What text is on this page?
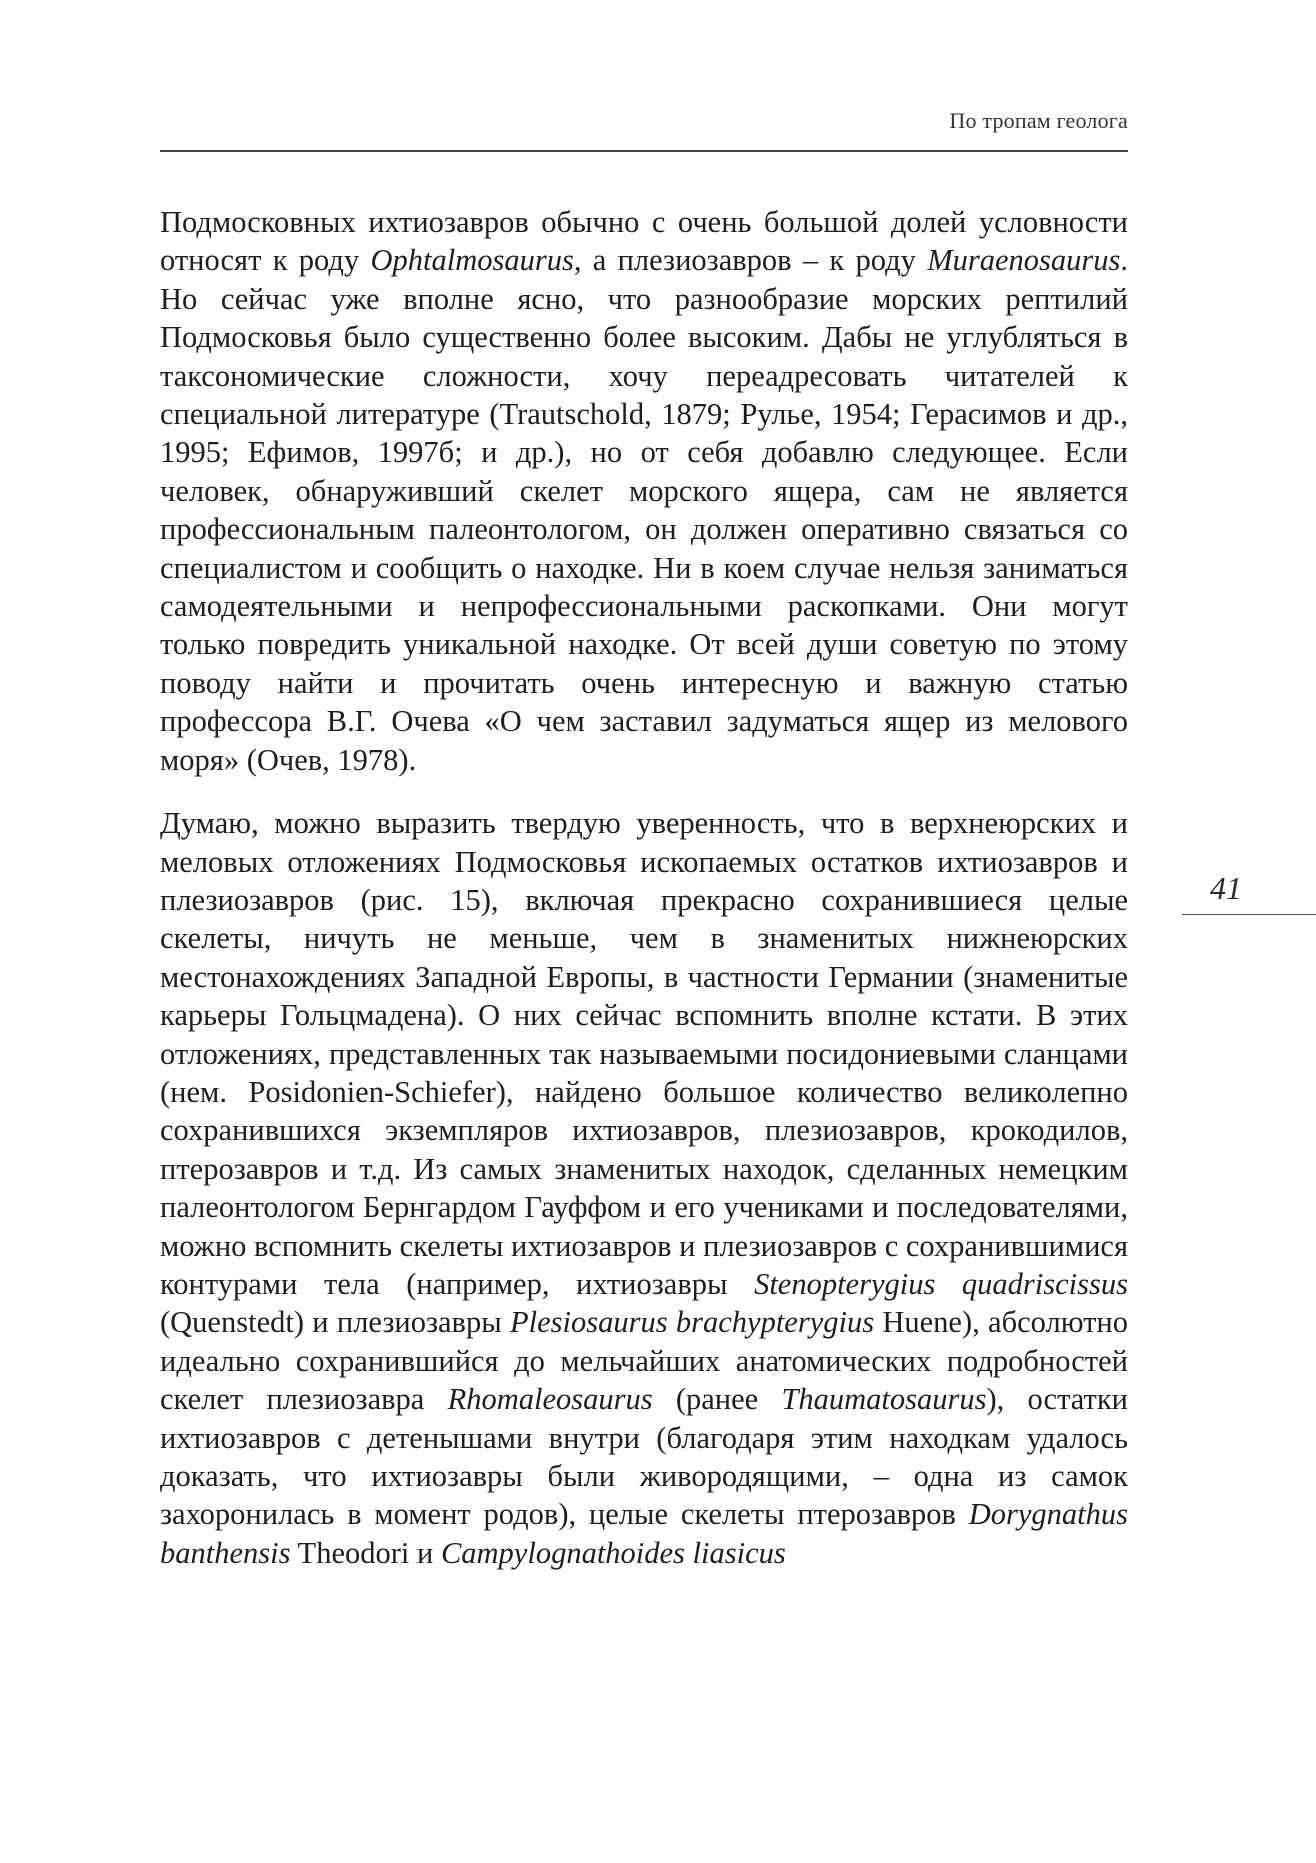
По тропам геолога
41

Подмосковных ихтиозавров обычно с очень большой долей условности относят к роду Ophtalmosaurus, а плезиозавров – к роду Muraenosaurus. Но сейчас уже вполне ясно, что разнообразие морских рептилий Подмосковья было существенно более высоким. Дабы не углубляться в таксономические сложности, хочу переадресовать читателей к специальной литературе (Trautschold, 1879; Рулье, 1954; Герасимов и др., 1995; Ефимов, 1997б; и др.), но от себя добавлю следующее. Если человек, обнаруживший скелет морского ящера, сам не является профессиональным палеонтологом, он должен оперативно связаться со специалистом и сообщить о находке. Ни в коем случае нельзя заниматься самодеятельными и непрофессиональными раскопками. Они могут только повредить уникальной находке. От всей души советую по этому поводу найти и прочитать очень интересную и важную статью профессора В.Г. Очева «О чем заставил задуматься ящер из мелового моря» (Очев, 1978).

Думаю, можно выразить твердую уверенность, что в верхнеюрских и меловых отложениях Подмосковья ископаемых остатков ихтиозавров и плезиозавров (рис. 15), включая прекрасно сохранившиеся целые скелеты, ничуть не меньше, чем в знаменитых нижнеюрских местонахождениях Западной Европы, в частности Германии (знаменитые карьеры Гольцмадена). О них сейчас вспомнить вполне кстати. В этих отложениях, представленных так называемыми посидониевыми сланцами (нем. Posidonien-Schiefer), найдено большое количество великолепно сохранившихся экземпляров ихтиозавров, плезиозавров, крокодилов, птерозавров и т.д. Из самых знаменитых находок, сделанных немецким палеонтологом Бернгардом Гауффом и его учениками и последователями, можно вспомнить скелеты ихтиозавров и плезиозавров с сохранившимися контурами тела (например, ихтиозавры Stenopterygius quadriscissus (Quenstedt) и плезиозавры Plesiosaurus brachypterygius Huene), абсолютно идеально сохранившийся до мельчайших анатомических подробностей скелет плезиозавра Rhomaleosaurus (ранее Thaumatosaurus), остатки ихтиозавров с детенышами внутри (благодаря этим находкам удалось доказать, что ихтиозавры были живородящими, – одна из самок захоронилась в момент родов), целые скелеты птерозавров Dorygnathus banthensis Theodori и Campylognathoides liasicus
